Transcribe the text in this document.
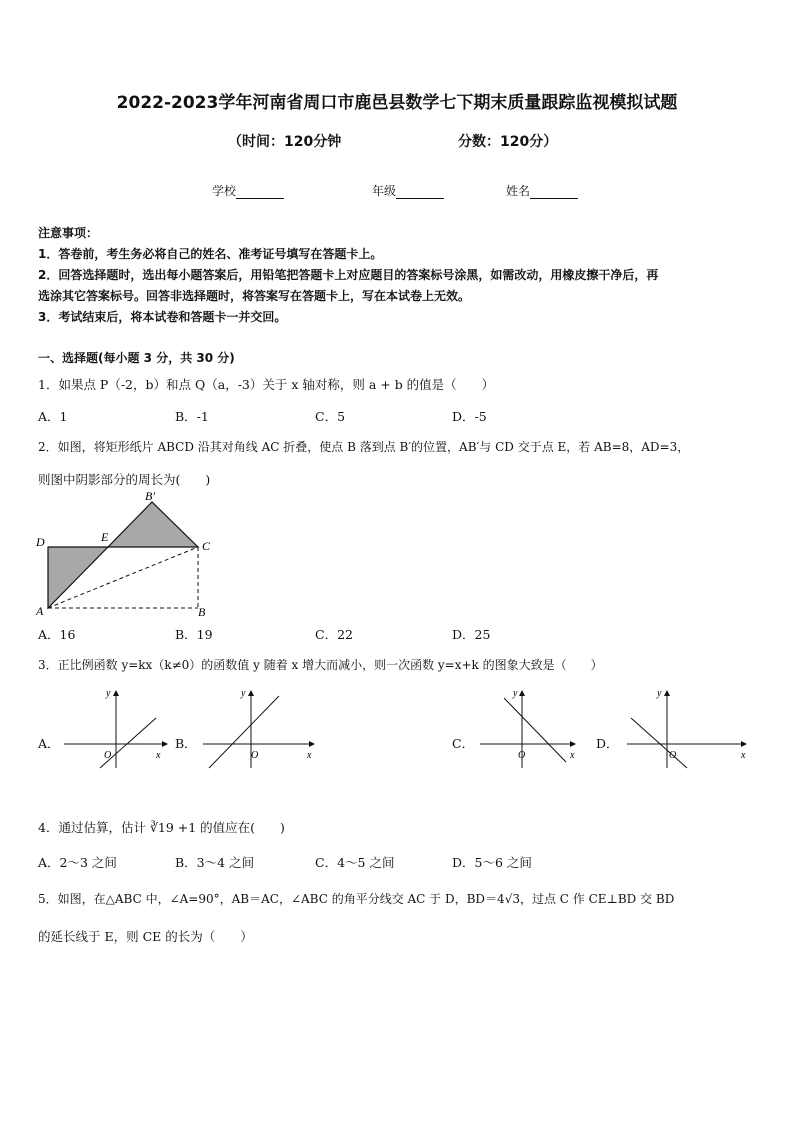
2022-2023学年河南省周口市鹿邑县数学七下期末质量跟踪监视模拟试题
（时间：120分钟	分数：120分）
学校	年级	姓名
注意事项：
1．答卷前，考生务必将自己的姓名、准考证号填写在答题卡上。
2．回答选择题时，选出每小题答案后，用铅笔把答题卡上对应题目的答案标号涂黑，如需改动，用橡皮擦干净后，再
选涂其它答案标号。回答非选择题时，将答案写在答题卡上，写在本试卷上无效。
3．考试结束后，将本试卷和答题卡一并交回。
一、选择题(每小题 3 分，共 30 分)
1．如果点 P（-2，b）和点 Q（a，-3）关于 x 轴对称，则 a + b 的值是（　　）
A．1	B．-1	C．5	D．-5
2．如图，将矩形纸片 ABCD 沿其对角线 AC 折叠，使点 B 落到点 B′的位置，AB′与 CD 交于点 E，若 AB=8，AD=3，
则图中阴影部分的周长为(　　)
B′
D	E
C
A	B
A．16	B．19	C．22	D．25
3．正比例函数 y=kx（k≠0）的函数值 y 随着 x 增大而减小，则一次函数 y=x+k 的图象大致是（　　）
A．
O	x
y
B．
O	x
y
C．
O	x
y
D．
O	x
y
4．通过估算，估计 ∛19 +1 的值应在(　　)
A．2～3 之间	B．3～4 之间	C．4～5 之间	D．5～6 之间
5．如图，在△ABC 中，∠A=90°，AB＝AC，∠ABC 的角平分线交 AC 于 D，BD＝4√3，过点 C 作 CE⊥BD 交 BD
的延长线于 E，则 CE 的长为（　　）
